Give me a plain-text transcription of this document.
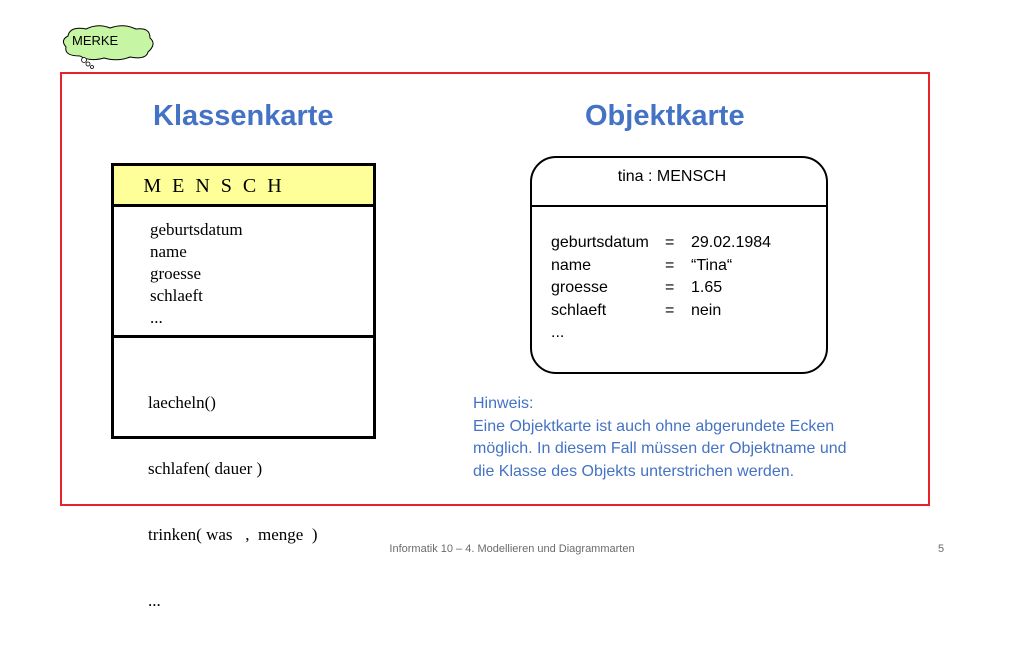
MERKE
Klassenkarte	Objektkarte
M E N S C H
geburtsdatum
name
groesse
schlaeft
...

laecheln()

schlafen( dauer )

trinken( was   ,  menge  )

...

tina : MENSCH
geburtsdatum	=	29.02.1984
name	=	“Tina“
groesse	=	1.65
schlaeft	=	nein
...
Hinweis:
Eine Objektkarte ist auch ohne abgerundete Ecken
möglich. In diesem Fall müssen der Objektname und
die Klasse des Objekts unterstrichen werden.
Informatik 10 – 4. Modellieren und Diagrammarten	5
